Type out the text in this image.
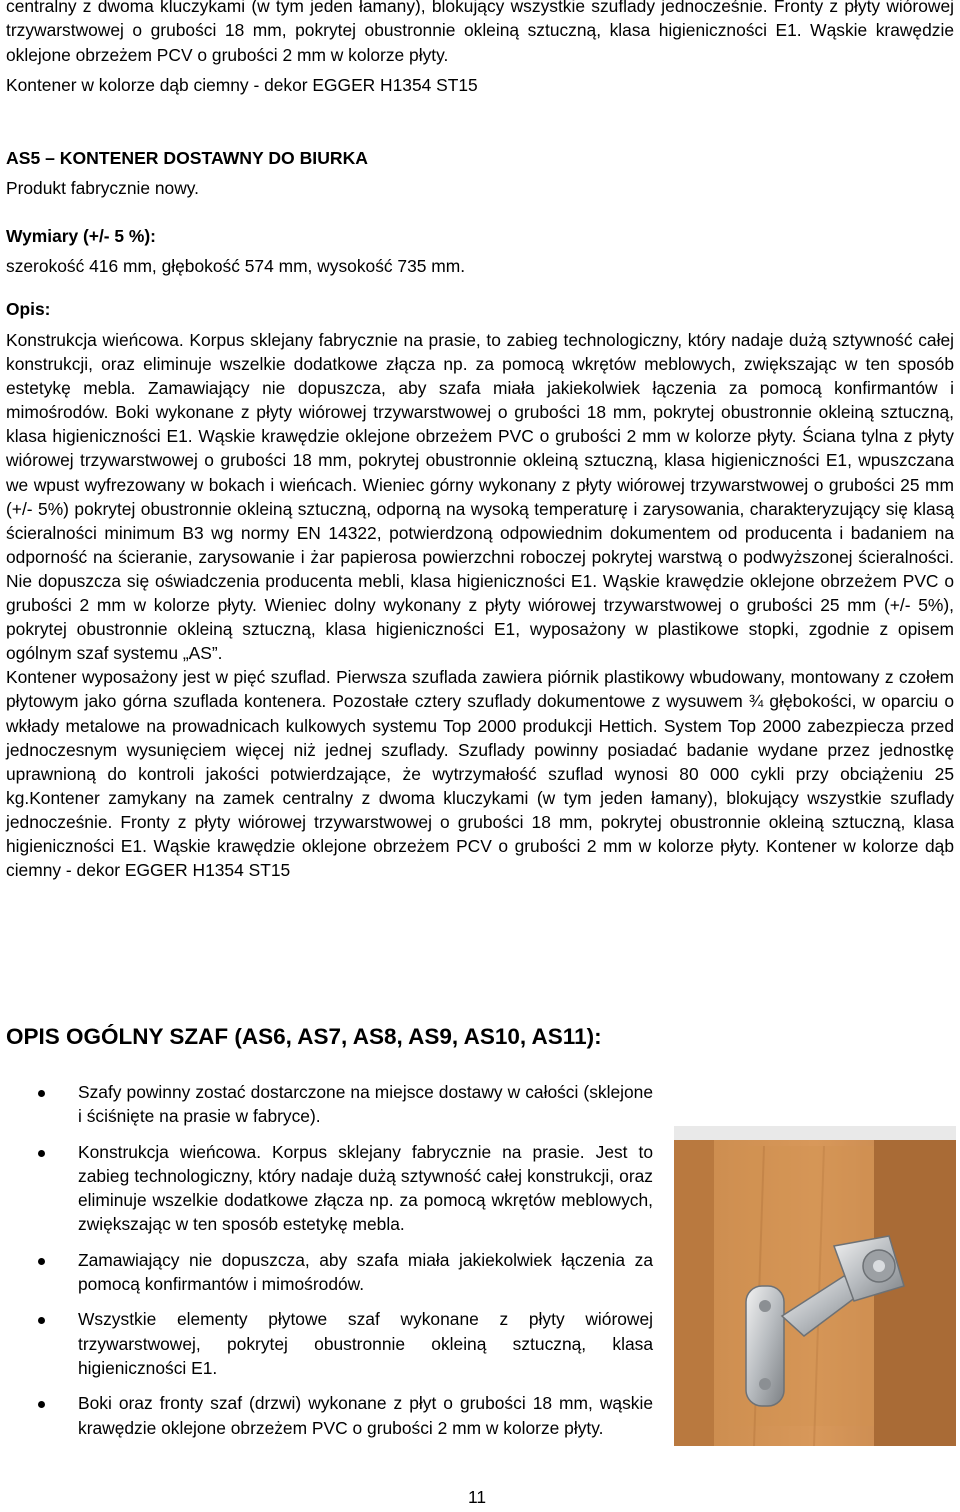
centralny z dwoma kluczykami (w tym jeden łamany), blokujący wszystkie szuflady jednocześnie. Fronty z płyty wiórowej trzywarstwowej o grubości 18 mm, pokrytej obustronnie okleiną sztuczną, klasa higieniczności E1. Wąskie krawędzie oklejone obrzeżem PCV o grubości 2 mm w kolorze płyty.

Kontener w kolorze dąb ciemny - dekor EGGER H1354 ST15

AS5 – KONTENER DOSTAWNY DO BIURKA

Produkt fabrycznie nowy.

Wymiary (+/- 5 %):

szerokość 416 mm, głębokość 574 mm, wysokość 735 mm.

Opis:

Konstrukcja wieńcowa. Korpus sklejany fabrycznie na prasie, to zabieg technologiczny, który nadaje dużą sztywność całej konstrukcji, oraz eliminuje wszelkie dodatkowe złącza np. za pomocą wkrętów meblowych, zwiększając w ten sposób estetykę mebla. Zamawiający nie dopuszcza, aby szafa miała jakiekolwiek łączenia za pomocą konfirmantów i mimośrodów. Boki wykonane z płyty wiórowej trzywarstwowej o grubości 18 mm, pokrytej obustronnie okleiną sztuczną, klasa higieniczności E1. Wąskie krawędzie oklejone obrzeżem PVC o grubości 2 mm w kolorze płyty. Ściana tylna z płyty wiórowej trzywarstwowej o grubości 18 mm, pokrytej obustronnie okleiną sztuczną, klasa higieniczności E1, wpuszczana we wpust wyfrezowany w bokach i wieńcach. Wieniec górny wykonany z płyty wiórowej trzywarstwowej o grubości 25 mm (+/- 5%) pokrytej obustronnie okleiną sztuczną, odporną na wysoką temperaturę i zarysowania, charakteryzujący się klasą ścieralności minimum B3 wg normy EN 14322, potwierdzoną odpowiednim dokumentem od producenta i badaniem na odporność na ścieranie, zarysowanie i żar papierosa powierzchni roboczej pokrytej warstwą o podwyższonej ścieralności. Nie dopuszcza się oświadczenia producenta mebli, klasa higieniczności E1. Wąskie krawędzie oklejone obrzeżem PVC o grubości 2 mm w kolorze płyty. Wieniec dolny wykonany z płyty wiórowej trzywarstwowej o grubości 25 mm (+/- 5%), pokrytej obustronnie okleiną sztuczną, klasa higieniczności E1, wyposażony w plastikowe stopki, zgodnie z opisem ogólnym szaf systemu „AS”.

Kontener wyposażony jest w pięć szuflad. Pierwsza szuflada zawiera piórnik plastikowy wbudowany, montowany z czołem płytowym jako górna szuflada kontenera. Pozostałe cztery szuflady dokumentowe z wysuwem ¾ głębokości, w oparciu o wkłady metalowe na prowadnicach kulkowych systemu Top 2000 produkcji Hettich. System Top 2000 zabezpiecza przed jednoczesnym wysunięciem więcej niż jednej szuflady. Szuflady powinny posiadać badanie wydane przez jednostkę uprawnioną do kontroli jakości potwierdzające, że wytrzymałość szuflad wynosi 80 000 cykli przy obciążeniu 25 kg.Kontener zamykany na zamek centralny z dwoma kluczykami (w tym jeden łamany), blokujący wszystkie szuflady jednocześnie. Fronty z płyty wiórowej trzywarstwowej o grubości 18 mm, pokrytej obustronnie okleiną sztuczną, klasa higieniczności E1. Wąskie krawędzie oklejone obrzeżem PCV o grubości 2 mm w kolorze płyty. Kontener w kolorze dąb ciemny - dekor EGGER H1354 ST15

OPIS OGÓLNY SZAF (AS6, AS7, AS8, AS9, AS10, AS11):
Szafy powinny zostać dostarczone na miejsce dostawy w całości (sklejone i ściśnięte na prasie w fabryce).
Konstrukcja wieńcowa. Korpus sklejany fabrycznie na prasie. Jest to zabieg technologiczny, który nadaje dużą sztywność całej konstrukcji, oraz eliminuje wszelkie dodatkowe złącza np. za pomocą wkrętów meblowych, zwiększając w ten sposób estetykę mebla.
Zamawiający nie dopuszcza, aby szafa miała jakiekolwiek łączenia za pomocą konfirmantów i mimośrodów.
Wszystkie elementy płytowe szaf wykonane z płyty wiórowej trzywarstwowej, pokrytej obustronnie okleiną sztuczną, klasa higieniczności E1.
Boki oraz fronty szaf (drzwi) wykonane z płyt o grubości 18 mm, wąskie krawędzie oklejone obrzeżem PVC o grubości 2 mm w kolorze płyty.
11
